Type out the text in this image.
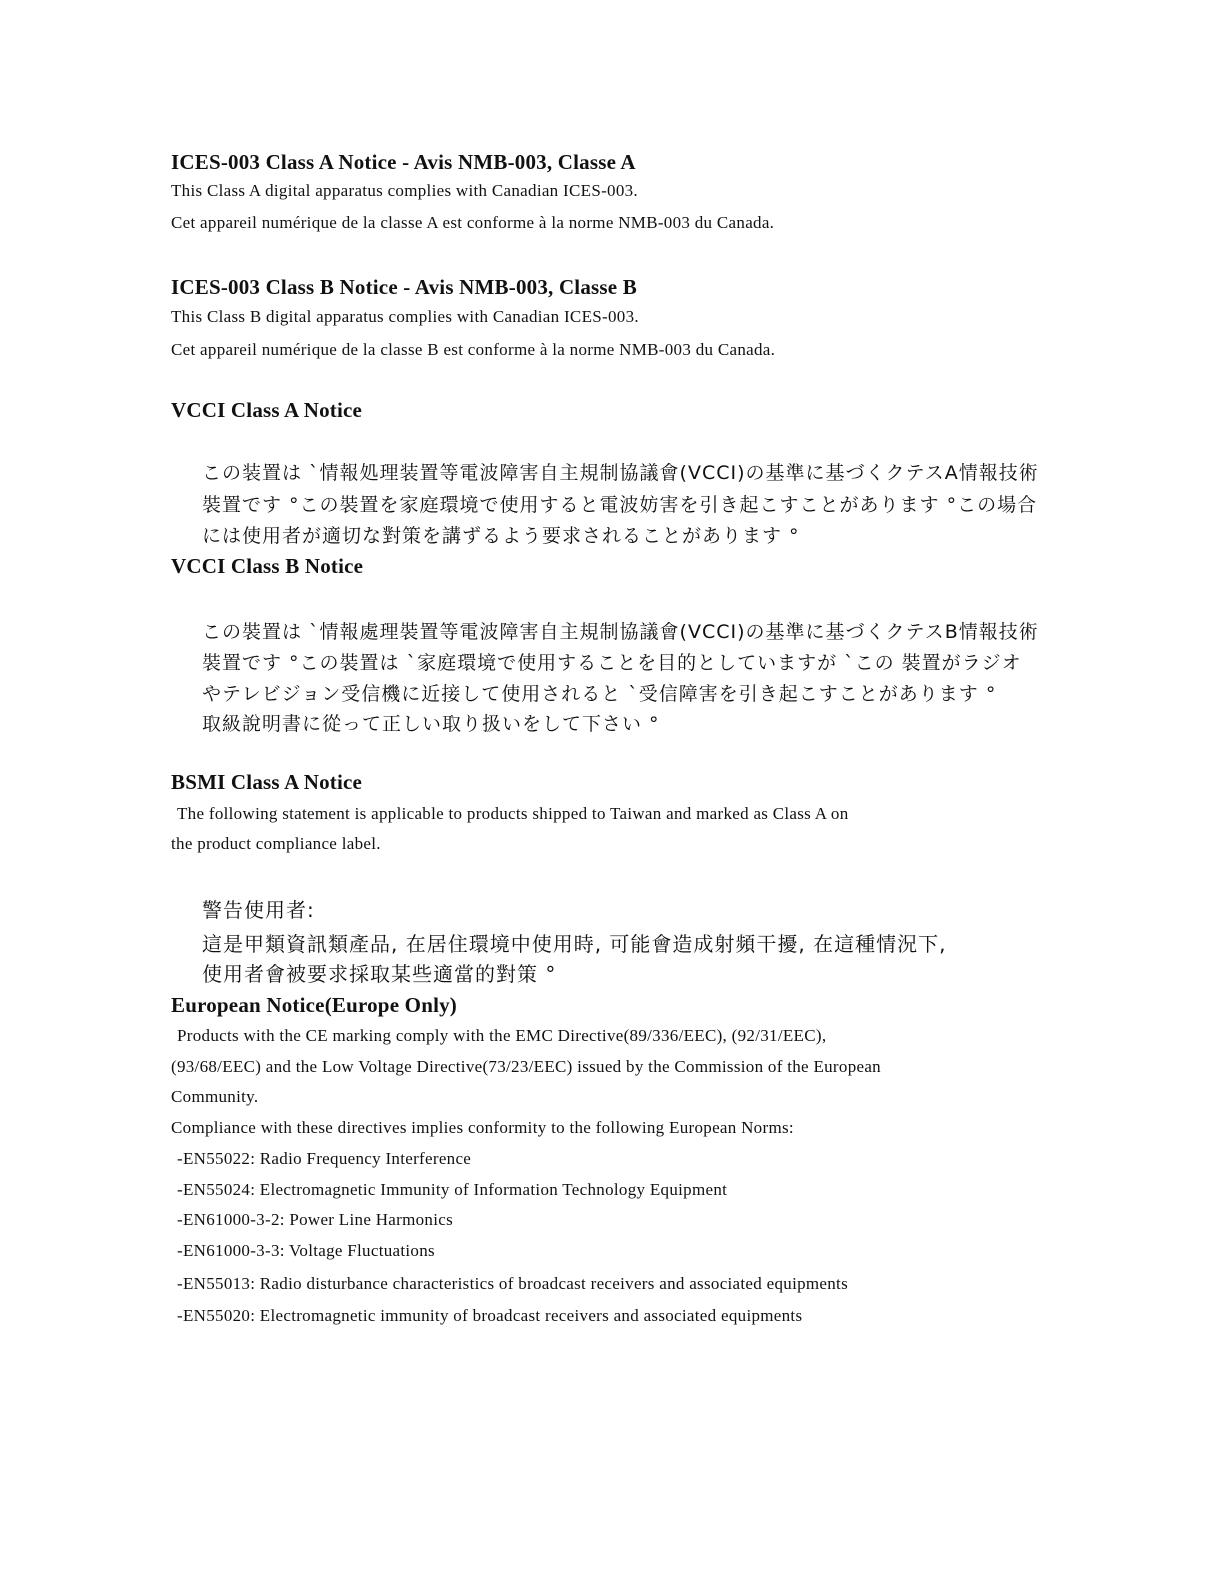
ICES-003 Class A Notice - Avis NMB-003, Classe A

This Class A digital apparatus complies with Canadian ICES-003.

Cet appareil numérique de la classe A est conforme à la norme NMB-003 du Canada.

ICES-003 Class B Notice - Avis NMB-003, Classe B

This Class B digital apparatus complies with Canadian ICES-003.

Cet appareil numérique de la classe B est conforme à la norme NMB-003 du Canada.

VCCI Class A Notice

この装置は `情報処理装置等電波障害自主規制協議會(VCCI)の基準に基づくクテスA情報技術

裝置です °この裝置を家庭環境で使用すると電波妨害を引き起こすことがあります °この場合

には使用者が適切な對策を講ずるよう要求されることがあります °

VCCI Class B Notice

この裝置は `情報處理裝置等電波障害自主規制協議會(VCCI)の基準に基づくクテスB情報技術

裝置です °この裝置は `家庭環境で使用することを目的としていますが `この 裝置がラジオ

やテレビジョン受信機に近接して使用されると `受信障害を引き起こすことがあります °

取級說明書に從って正しい取り扱いをして下さい °

BSMI Class A Notice

The following statement is applicable to products shipped to Taiwan and marked as Class A on

the product compliance label.

警告使用者:

這是甲類資訊類產品, 在居住環境中使用時, 可能會造成射頻干擾, 在這種情況下,

使用者會被要求採取某些適當的對策 °

European Notice(Europe Only)

Products with the CE marking comply with the EMC Directive(89/336/EEC), (92/31/EEC),

(93/68/EEC) and the Low Voltage Directive(73/23/EEC) issued by the Commission of the European

Community.

Compliance with these directives implies conformity to the following European Norms:

-EN55022: Radio Frequency Interference

-EN55024: Electromagnetic Immunity of Information Technology Equipment

-EN61000-3-2: Power Line Harmonics

-EN61000-3-3: Voltage Fluctuations

-EN55013: Radio disturbance characteristics of broadcast receivers and associated equipments

-EN55020: Electromagnetic immunity of broadcast receivers and associated equipments
